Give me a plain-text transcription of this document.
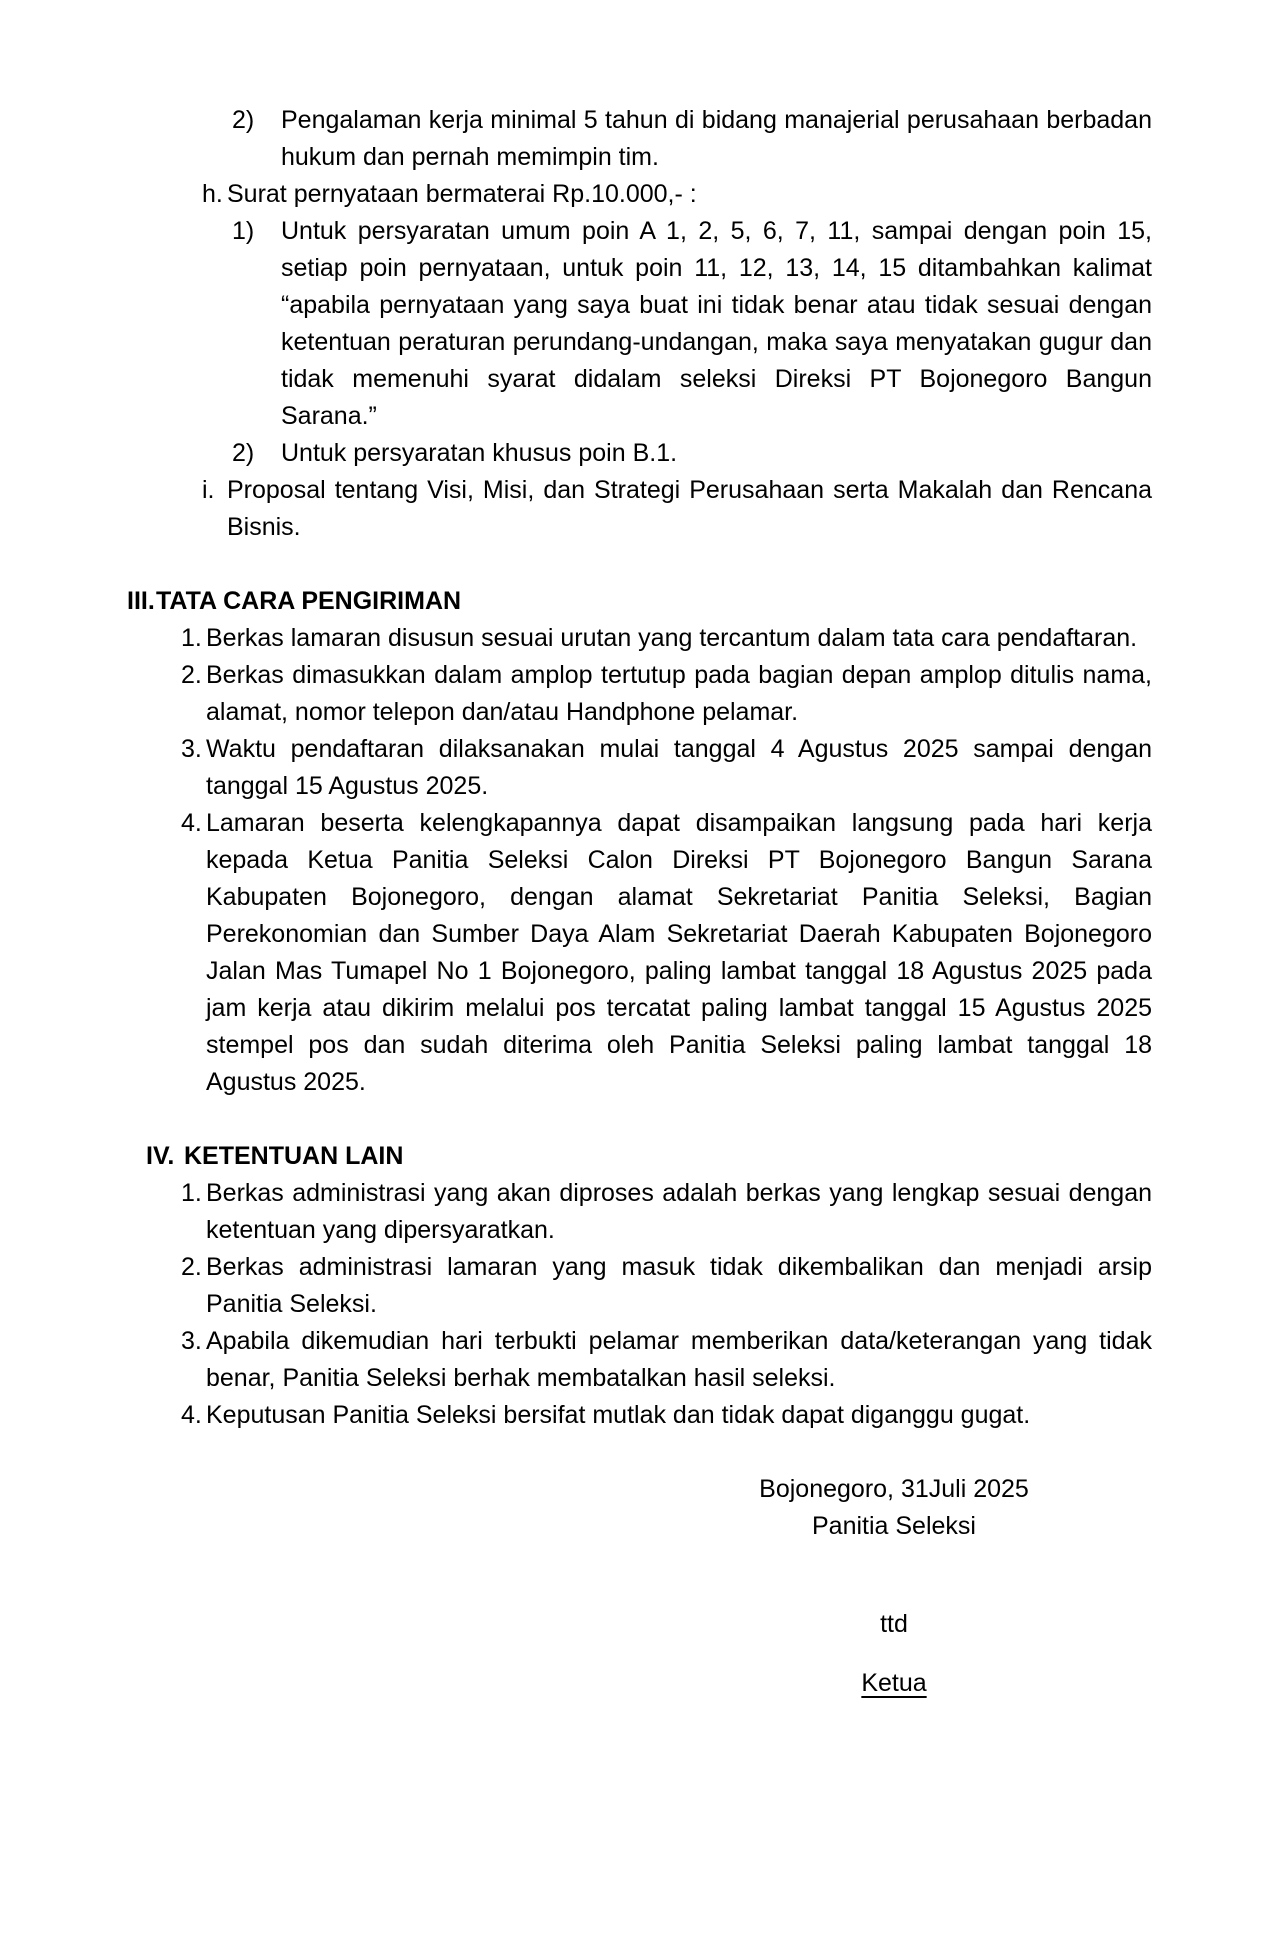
2) Pengalaman kerja minimal 5 tahun di bidang manajerial perusahaan berbadan hukum dan pernah memimpin tim.
h. Surat pernyataan bermaterai Rp.10.000,- :
1) Untuk persyaratan umum poin A 1, 2, 5, 6, 7, 11, sampai dengan poin 15, setiap poin pernyataan, untuk poin 11, 12, 13, 14, 15 ditambahkan kalimat “apabila pernyataan yang saya buat ini tidak benar atau tidak sesuai dengan ketentuan peraturan perundang-undangan, maka saya menyatakan gugur dan tidak memenuhi syarat didalam seleksi Direksi PT Bojonegoro Bangun Sarana.”
2) Untuk persyaratan khusus poin B.1.
i. Proposal tentang Visi, Misi, dan Strategi Perusahaan serta Makalah dan Rencana Bisnis.
III. TATA CARA PENGIRIMAN
1. Berkas lamaran disusun sesuai urutan yang tercantum dalam tata cara pendaftaran.
2. Berkas dimasukkan dalam amplop tertutup pada bagian depan amplop ditulis nama, alamat, nomor telepon dan/atau Handphone pelamar.
3. Waktu pendaftaran dilaksanakan mulai tanggal 4 Agustus 2025 sampai dengan tanggal 15 Agustus 2025.
4. Lamaran beserta kelengkapannya dapat disampaikan langsung pada hari kerja kepada Ketua Panitia Seleksi Calon Direksi PT Bojonegoro Bangun Sarana Kabupaten Bojonegoro, dengan alamat Sekretariat Panitia Seleksi, Bagian Perekonomian dan Sumber Daya Alam Sekretariat Daerah Kabupaten Bojonegoro Jalan Mas Tumapel No 1 Bojonegoro, paling lambat tanggal 18 Agustus 2025 pada jam kerja atau dikirim melalui pos tercatat paling lambat tanggal 15 Agustus 2025 stempel pos dan sudah diterima oleh Panitia Seleksi paling lambat tanggal 18 Agustus 2025.
IV. KETENTUAN LAIN
1. Berkas administrasi yang akan diproses adalah berkas yang lengkap sesuai dengan ketentuan yang dipersyaratkan.
2. Berkas administrasi lamaran yang masuk tidak dikembalikan dan menjadi arsip Panitia Seleksi.
3. Apabila dikemudian hari terbukti pelamar memberikan data/keterangan yang tidak benar, Panitia Seleksi berhak membatalkan hasil seleksi.
4. Keputusan Panitia Seleksi bersifat mutlak dan tidak dapat diganggu gugat.
Bojonegoro, 31Juli 2025
Panitia Seleksi
ttd
Ketua
